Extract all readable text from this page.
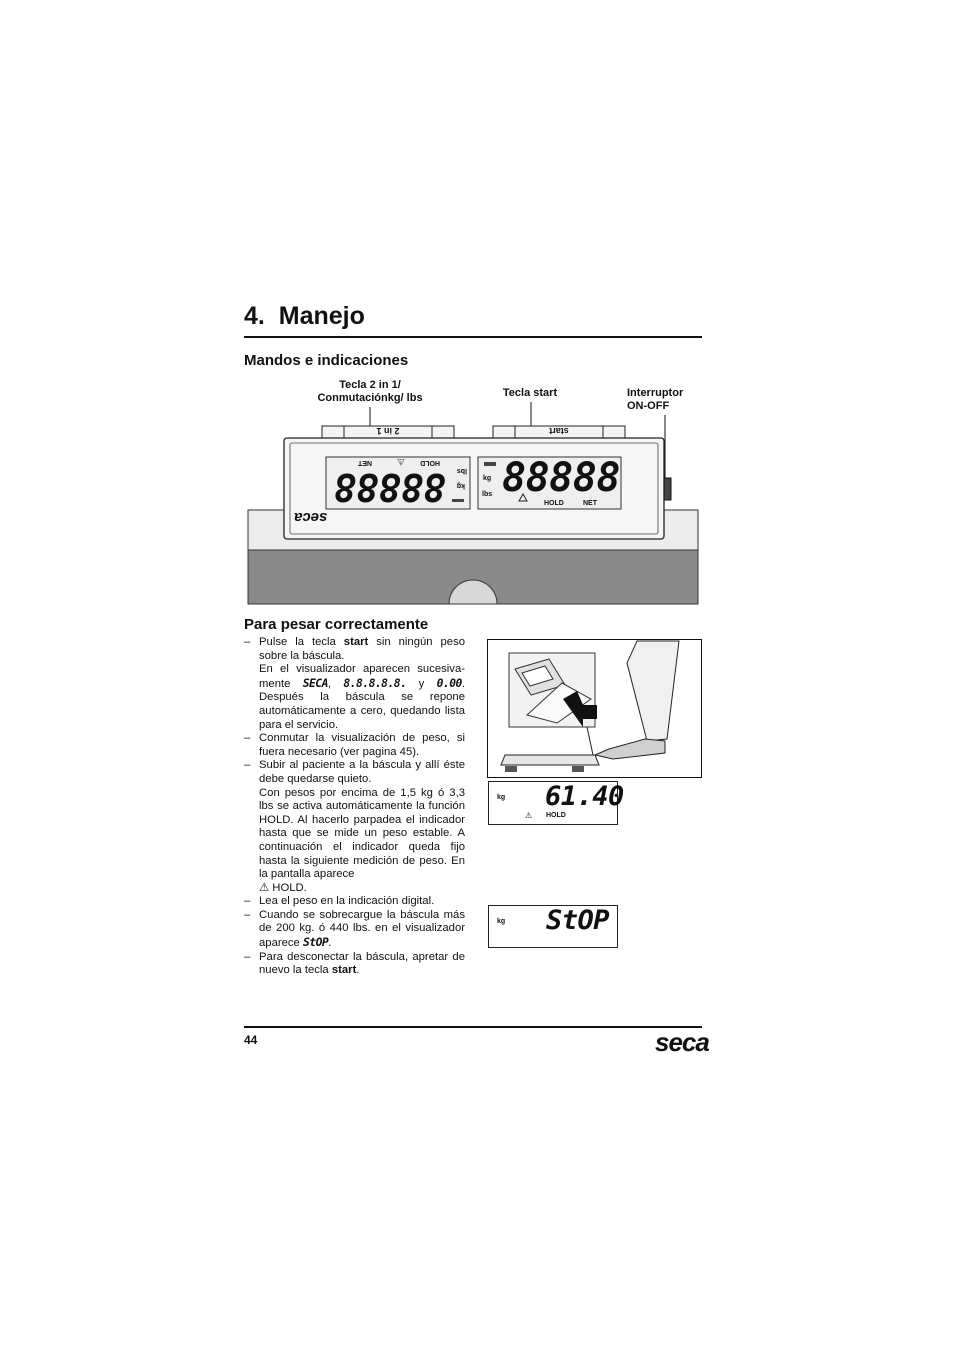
4. Manejo
Mandos e indicaciones
Tecla 2 in 1/
Conmutaciónkg/ lbs	Tecla start	Interruptor
ON-OFF
2 in 1	start
88888
HOLD
NET
kg
lbs
⚠ 88888
kg
lbs
HOLD	NET
seca
Para pesar correctamente
– Pulse la tecla start sin ningún peso sobre la báscula.
En el visualizador aparecen sucesiva-mente SECA, 8.8.8.8.8. y 0.00. Después la báscula se repone automáticamente a cero, quedando lista para el servicio.
– Conmutar la visualización de peso, si fuera necesario (ver pagina 45).
– Subir al paciente a la báscula y allí éste debe quedarse quieto.
Con pesos por encima de 1,5 kg ó 3,3 lbs se activa automáticamente la función HOLD. Al hacerlo parpadea el indicador hasta que se mide un peso estable. A continuación el indicador queda fijo hasta la siguiente medición de peso. En la pantalla aparece
⚠ HOLD.
– Lea el peso en la indicación digital.
– Cuando se sobrecargue la báscula más de 200 kg. ó 440 lbs. en el visualizador aparece StOP.
– Para desconectar la báscula, apretar de nuevo la tecla start.
kg 61.40
⚠ HOLD
kg StOP
44	seca
